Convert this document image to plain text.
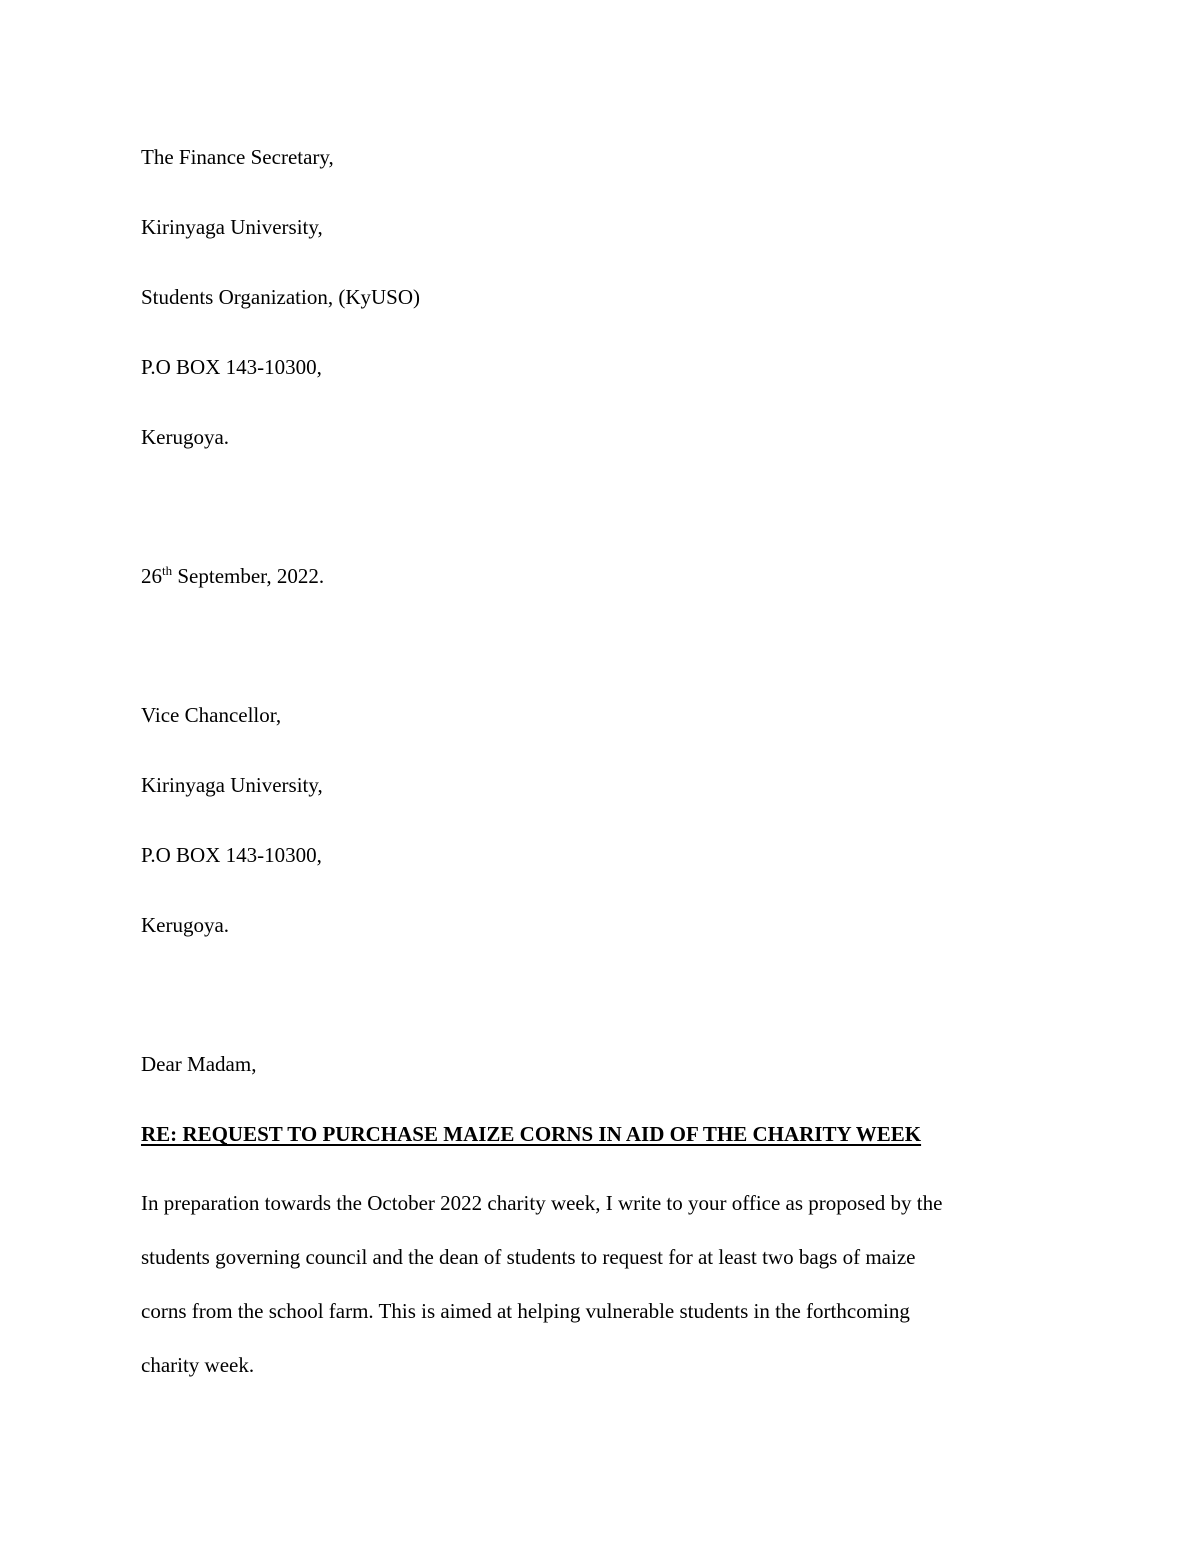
The Finance Secretary,
Kirinyaga University,
Students Organization, (KyUSO)
P.O BOX 143-10300,
Kerugoya.
26th September, 2022.
Vice Chancellor,
Kirinyaga University,
P.O BOX 143-10300,
Kerugoya.
Dear Madam,
RE: REQUEST TO PURCHASE MAIZE CORNS IN AID OF THE CHARITY WEEK
In preparation towards the October 2022 charity week, I write to your office as proposed by the
students governing council and the dean of students to request for at least two bags of maize
corns from the school farm. This is aimed at helping vulnerable students in the forthcoming
charity week.
